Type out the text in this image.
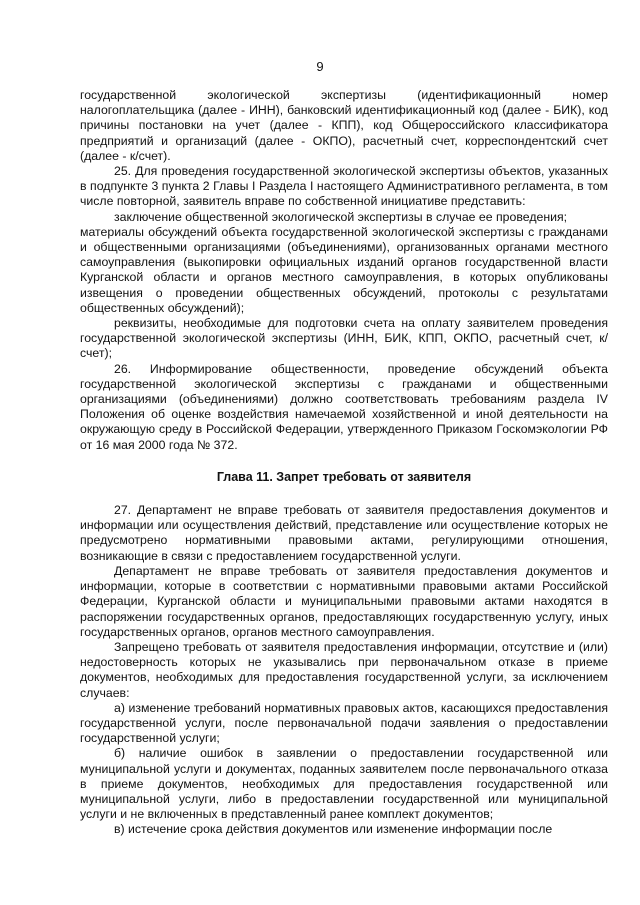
9

государственной экологической экспертизы (идентификационный номер налогоплательщика (далее - ИНН), банковский идентификационный код (далее - БИК), код причины постановки на учет (далее - КПП), код Общероссийского классификатора предприятий и организаций (далее - ОКПО), расчетный счет, корреспондентский счет (далее - к/счет).

25. Для проведения государственной экологической экспертизы объектов, указанных в подпункте 3 пункта 2 Главы I Раздела I настоящего Административного регламента, в том числе повторной, заявитель вправе по собственной инициативе представить:

заключение общественной экологической экспертизы в случае ее проведения;

материалы обсуждений объекта государственной экологической экспертизы с гражданами и общественными организациями (объединениями), организованных органами местного самоуправления (выкопировки официальных изданий органов государственной власти Курганской области и органов местного самоуправления, в которых опубликованы извещения о проведении общественных обсуждений, протоколы с результатами общественных обсуждений);

реквизиты, необходимые для подготовки счета на оплату заявителем проведения государственной экологической экспертизы (ИНН, БИК, КПП, ОКПО, расчетный счет, к/счет);

26. Информирование общественности, проведение обсуждений объекта государственной экологической экспертизы с гражданами и общественными организациями (объединениями) должно соответствовать требованиям раздела IV Положения об оценке воздействия намечаемой хозяйственной и иной деятельности на окружающую среду в Российской Федерации, утвержденного Приказом Госкомэкологии РФ от 16 мая 2000 года № 372.

Глава 11. Запрет требовать от заявителя

27. Департамент не вправе требовать от заявителя предоставления документов и информации или осуществления действий, представление или осуществление которых не предусмотрено нормативными правовыми актами, регулирующими отношения, возникающие в связи с предоставлением государственной услуги.

Департамент не вправе требовать от заявителя предоставления документов и информации, которые в соответствии с нормативными правовыми актами Российской Федерации, Курганской области и муниципальными правовыми актами находятся в распоряжении государственных органов, предоставляющих государственную услугу, иных государственных органов, органов местного самоуправления.

Запрещено требовать от заявителя предоставления информации, отсутствие и (или) недостоверность которых не указывались при первоначальном отказе в приеме документов, необходимых для предоставления государственной услуги, за исключением случаев:

а) изменение требований нормативных правовых актов, касающихся предоставления государственной услуги, после первоначальной подачи заявления о предоставлении государственной услуги;

б) наличие ошибок в заявлении о предоставлении государственной или муниципальной услуги и документах, поданных заявителем после первоначального отказа в приеме документов, необходимых для предоставления государственной или муниципальной услуги, либо в предоставлении государственной или муниципальной услуги и не включенных в представленный ранее комплект документов;

в) истечение срока действия документов или изменение информации после
